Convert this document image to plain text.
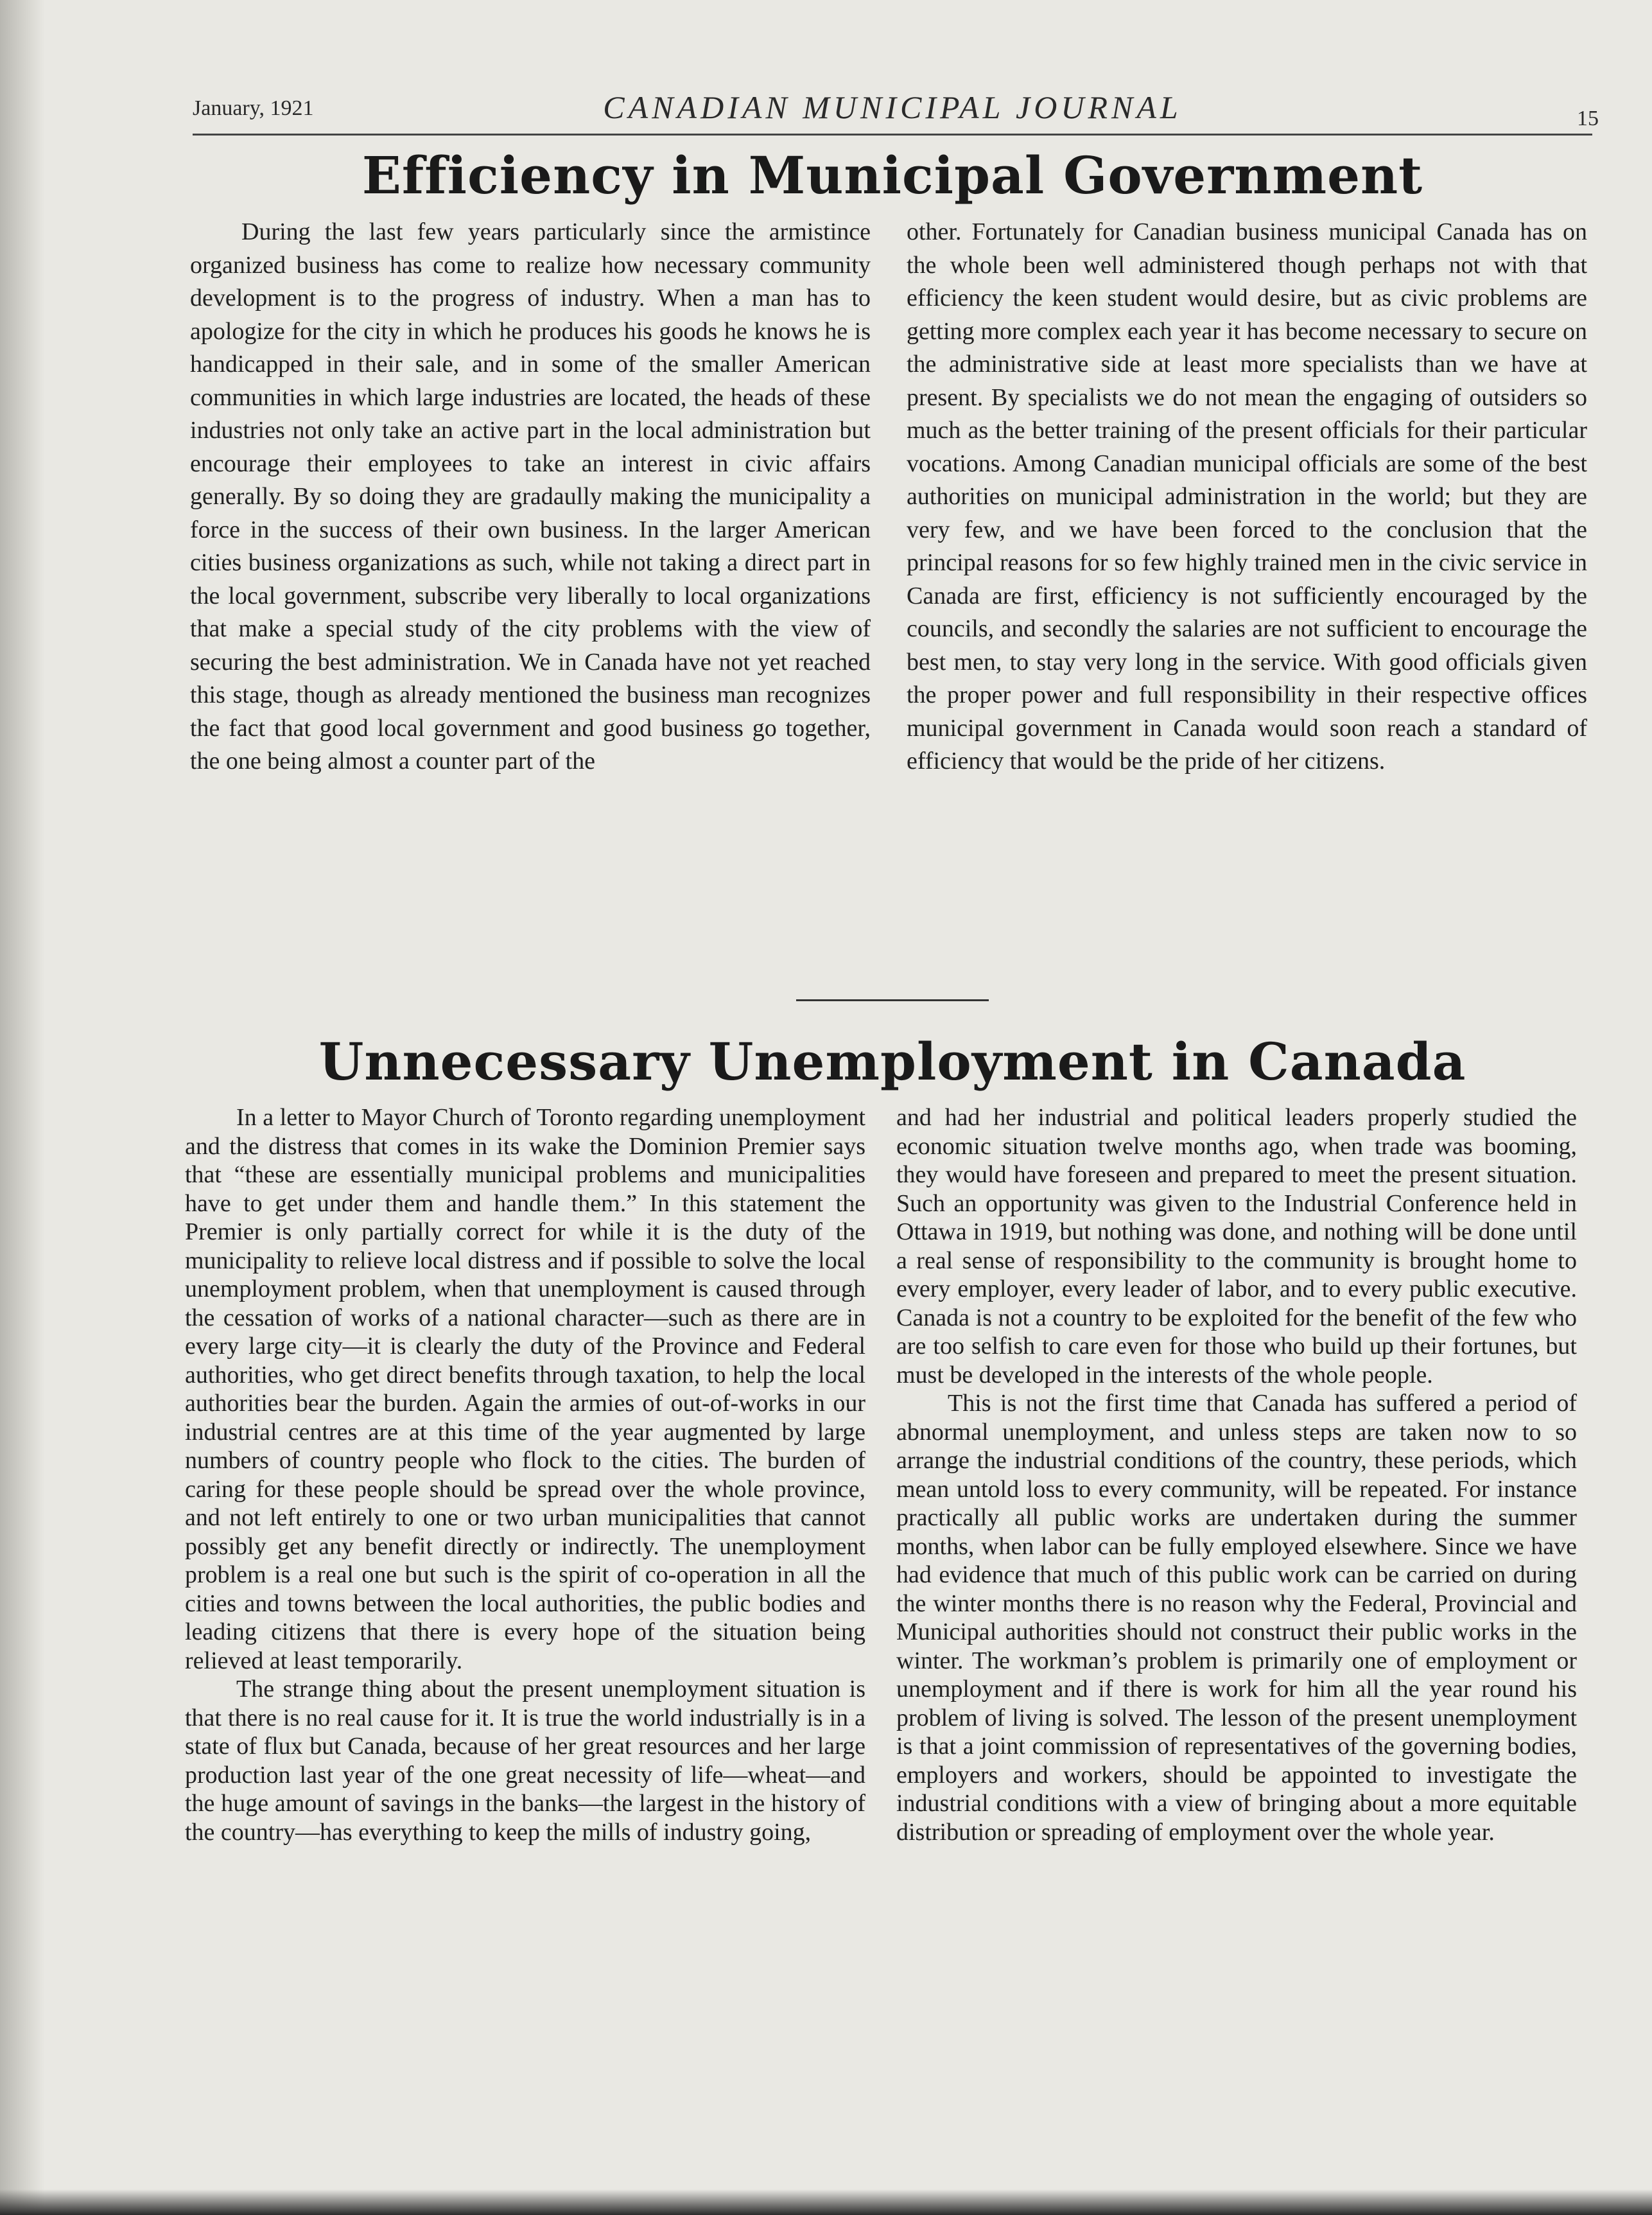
January, 1921	CANADIAN MUNICIPAL JOURNAL	15
Efficiency in Municipal Government

During the last few years particularly since the armistince organized business has come to realize how necessary community development is to the progress of industry. When a man has to apologize for the city in which he produces his goods he knows he is handicapped in their sale, and in some of the smaller American communities in which large industries are located, the heads of these industries not only take an active part in the local administration but encourage their employees to take an interest in civic affairs generally. By so doing they are gradaully making the municipality a force in the success of their own business. In the larger American cities business organizations as such, while not taking a direct part in the local government, subscribe very liberally to local organizations that make a special study of the city problems with the view of securing the best administration. We in Canada have not yet reached this stage, though as already mentioned the business man recognizes the fact that good local government and good business go together, the one being almost a counter part of the

other. Fortunately for Canadian business municipal Canada has on the whole been well administered though perhaps not with that efficiency the keen student would desire, but as civic problems are getting more complex each year it has become necessary to secure on the administrative side at least more specialists than we have at present. By specialists we do not mean the engaging of outsiders so much as the better training of the present officials for their particular vocations. Among Canadian municipal officials are some of the best authorities on municipal administration in the world; but they are very few, and we have been forced to the conclusion that the principal reasons for so few highly trained men in the civic service in Canada are first, efficiency is not sufficiently encouraged by the councils, and secondly the salaries are not sufficient to encourage the best men, to stay very long in the service. With good officials given the proper power and full responsibility in their respective offices municipal government in Canada would soon reach a standard of efficiency that would be the pride of her citizens.

Unnecessary Unemployment in Canada

In a letter to Mayor Church of Toronto regarding unemployment and the distress that comes in its wake the Dominion Premier says that “these are essentially municipal problems and municipalities have to get under them and handle them.” In this statement the Premier is only partially correct for while it is the duty of the municipality to relieve local distress and if possible to solve the local unemployment problem, when that unemployment is caused through the cessation of works of a national character—such as there are in every large city—it is clearly the duty of the Province and Federal authorities, who get direct benefits through taxation, to help the local authorities bear the burden. Again the armies of out-of-works in our industrial centres are at this time of the year augmented by large numbers of country people who flock to the cities. The burden of caring for these people should be spread over the whole province, and not left entirely to one or two urban municipalities that cannot possibly get any benefit directly or indirectly. The unemployment problem is a real one but such is the spirit of co-operation in all the cities and towns between the local authorities, the public bodies and leading citizens that there is every hope of the situation being relieved at least temporarily.

The strange thing about the present unemployment situation is that there is no real cause for it. It is true the world industrially is in a state of flux but Canada, because of her great resources and her large production last year of the one great necessity of life—wheat—and the huge amount of savings in the banks—the largest in the history of the country—has everything to keep the mills of industry going,

and had her industrial and political leaders properly studied the economic situation twelve months ago, when trade was booming, they would have foreseen and prepared to meet the present situation. Such an opportunity was given to the Industrial Conference held in Ottawa in 1919, but nothing was done, and nothing will be done until a real sense of responsibility to the community is brought home to every employer, every leader of labor, and to every public executive. Canada is not a country to be exploited for the benefit of the few who are too selfish to care even for those who build up their fortunes, but must be developed in the interests of the whole people.

This is not the first time that Canada has suffered a period of abnormal unemployment, and unless steps are taken now to so arrange the industrial conditions of the country, these periods, which mean untold loss to every community, will be repeated. For instance practically all public works are undertaken during the summer months, when labor can be fully employed elsewhere. Since we have had evidence that much of this public work can be carried on during the winter months there is no reason why the Federal, Provincial and Municipal authorities should not construct their public works in the winter. The workman’s problem is primarily one of employment or unemployment and if there is work for him all the year round his problem of living is solved. The lesson of the present unemployment is that a joint commission of representatives of the governing bodies, employers and workers, should be appointed to investigate the industrial conditions with a view of bringing about a more equitable distribution or spreading of employment over the whole year.
